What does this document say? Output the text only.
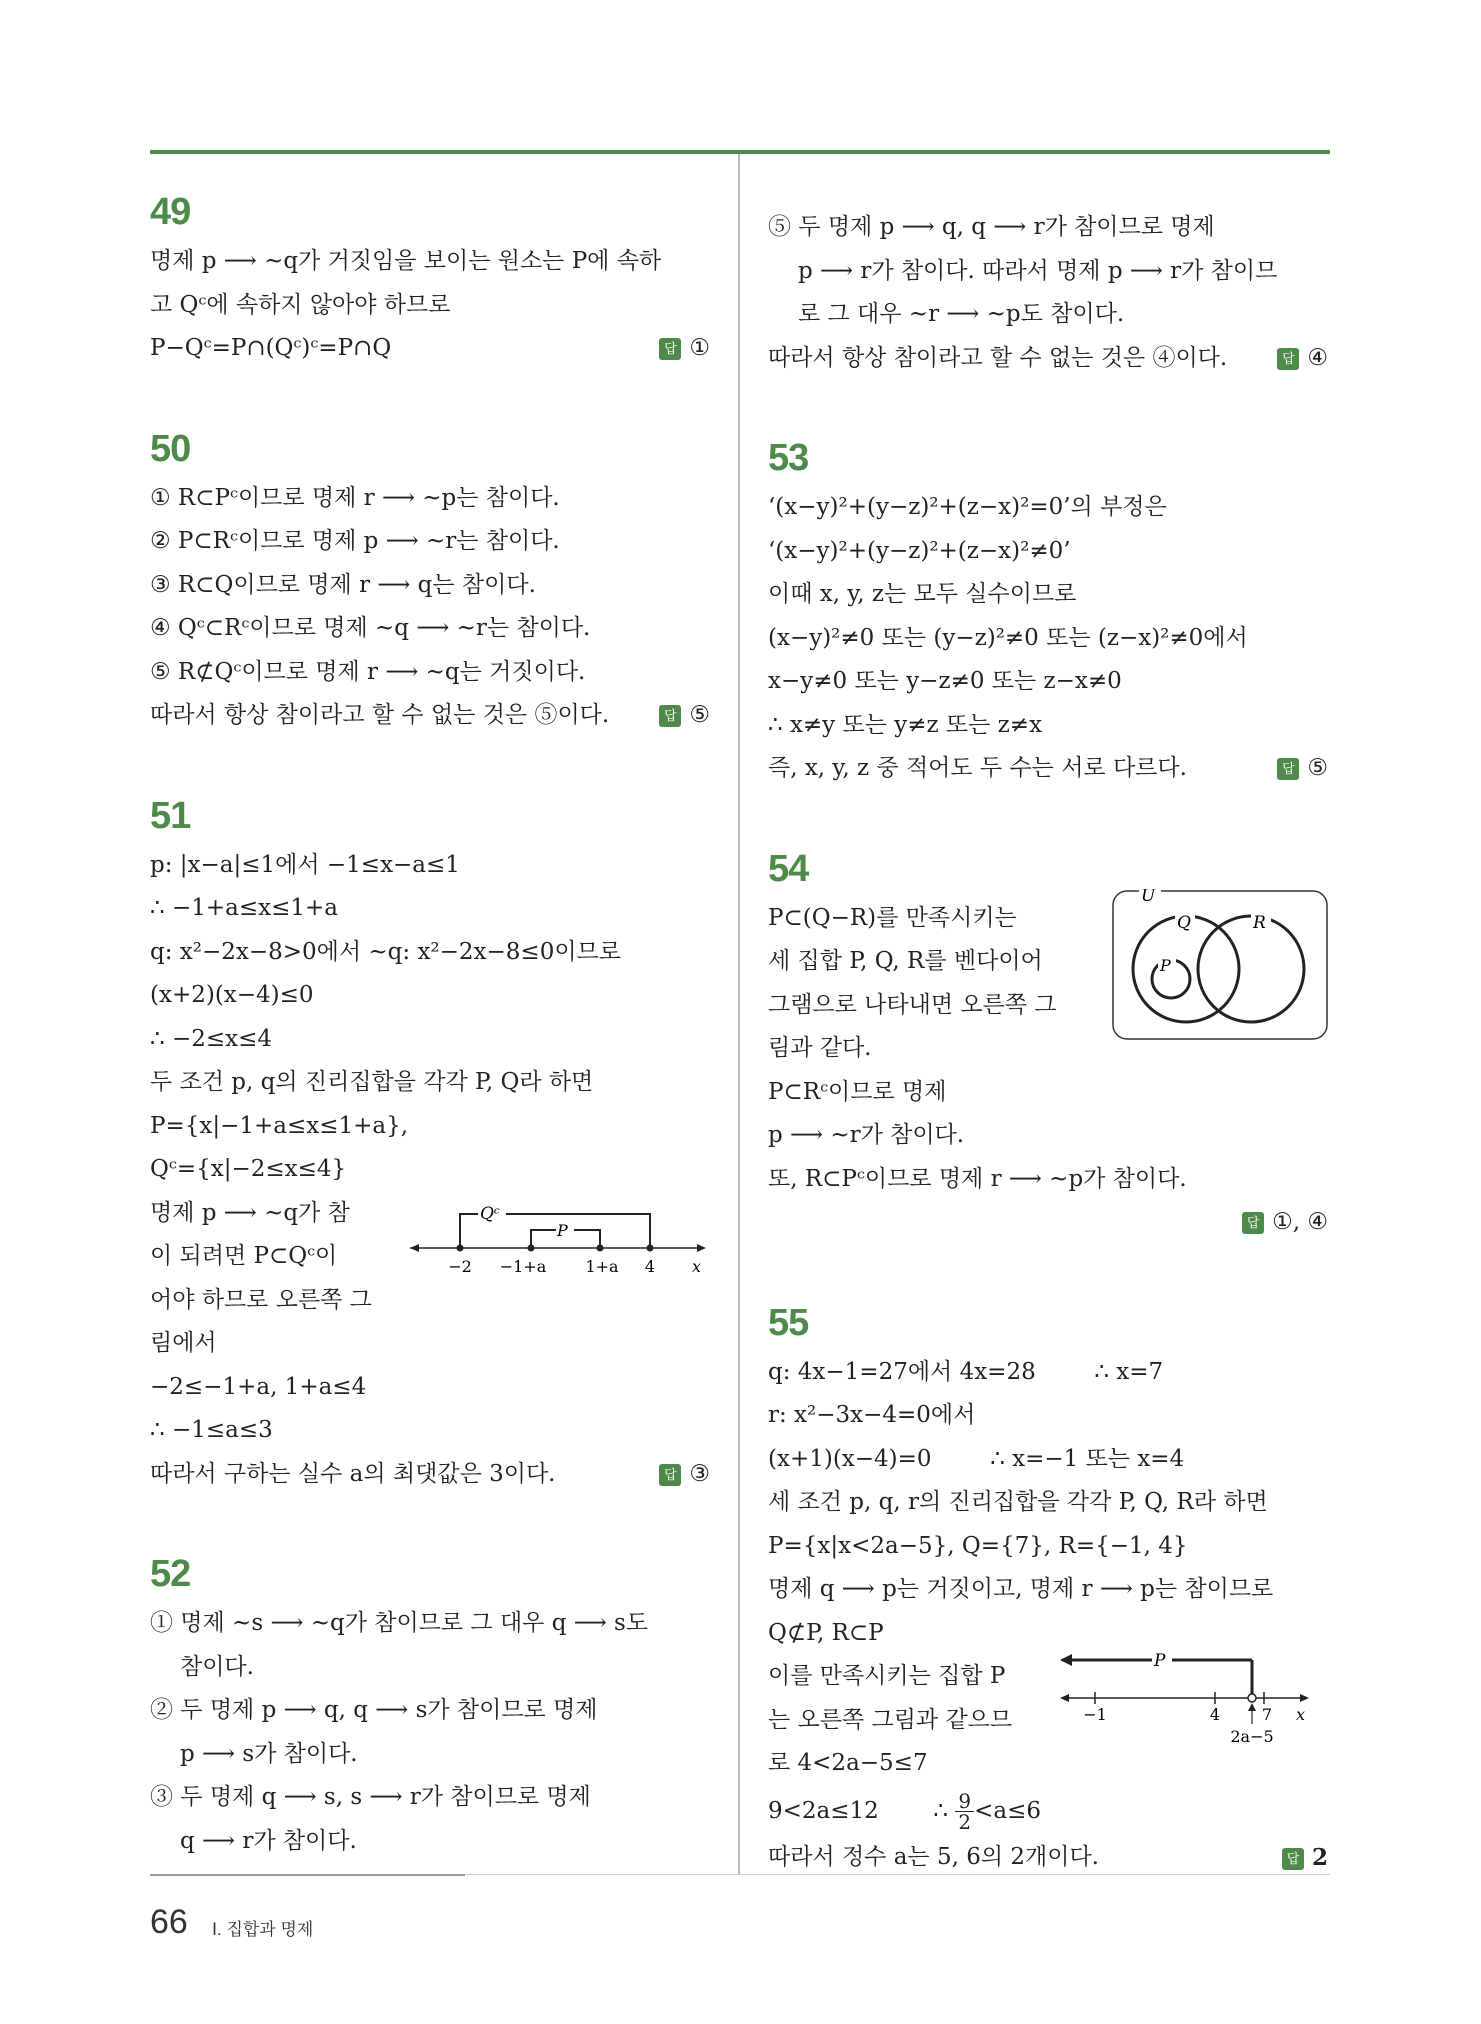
49
명제 p ⟶ ~q가 거짓임을 보이는 원소는 P에 속하
고 Qᶜ에 속하지 않아야 하므로
P−Qᶜ=P∩(Qᶜ)ᶜ=P∩Q	답 ①
50
① R⊂Pᶜ이므로 명제 r ⟶ ~p는 참이다.
② P⊂Rᶜ이므로 명제 p ⟶ ~r는 참이다.
③ R⊂Q이므로 명제 r ⟶ q는 참이다.
④ Qᶜ⊂Rᶜ이므로 명제 ~q ⟶ ~r는 참이다.
⑤ R⊄Qᶜ이므로 명제 r ⟶ ~q는 거짓이다.
따라서 항상 참이라고 할 수 없는 것은 ⑤이다.	답 ⑤
51
p: |x−a|≤1에서 −1≤x−a≤1
∴ −1+a≤x≤1+a
q: x²−2x−8>0에서 ~q: x²−2x−8≤0이므로
(x+2)(x−4)≤0
∴ −2≤x≤4
두 조건 p, q의 진리집합을 각각 P, Q라 하면
P={x|−1+a≤x≤1+a},
Qᶜ={x|−2≤x≤4}
명제 p ⟶ ~q가 참
이 되려면 P⊂Qᶜ이
어야 하므로 오른쪽 그
림에서
−2≤−1+a, 1+a≤4
∴ −1≤a≤3
따라서 구하는 실수 a의 최댓값은 3이다.	답 ③
Qᶜ
P
−2 −1+a 1+a 4 x
52
① 명제 ~s ⟶ ~q가 참이므로 그 대우 q ⟶ s도
참이다.
② 두 명제 p ⟶ q, q ⟶ s가 참이므로 명제
p ⟶ s가 참이다.
③ 두 명제 q ⟶ s, s ⟶ r가 참이므로 명제
q ⟶ r가 참이다.
⑤ 두 명제 p ⟶ q, q ⟶ r가 참이므로 명제
p ⟶ r가 참이다. 따라서 명제 p ⟶ r가 참이므
로 그 대우 ~r ⟶ ~p도 참이다.
따라서 항상 참이라고 할 수 없는 것은 ④이다.	답 ④
53
‘(x−y)²+(y−z)²+(z−x)²=0’의 부정은
‘(x−y)²+(y−z)²+(z−x)²≠0’
이때 x, y, z는 모두 실수이므로
(x−y)²≠0 또는 (y−z)²≠0 또는 (z−x)²≠0에서
x−y≠0 또는 y−z≠0 또는 z−x≠0
∴ x≠y 또는 y≠z 또는 z≠x
즉, x, y, z 중 적어도 두 수는 서로 다르다.	답 ⑤
54
P⊂(Q−R)를 만족시키는
세 집합 P, Q, R를 벤다이어
그램으로 나타내면 오른쪽 그
림과 같다.
P⊂Rᶜ이므로 명제
p ⟶ ~r가 참이다.
또, R⊂Pᶜ이므로 명제 r ⟶ ~p가 참이다.
답 ①, ④
U
Q	R
P
55
q: 4x−1=27에서 4x=28	∴ x=7
r: x²−3x−4=0에서
(x+1)(x−4)=0	∴ x=−1 또는 x=4
세 조건 p, q, r의 진리집합을 각각 P, Q, R라 하면
P={x|x<2a−5}, Q={7}, R={−1, 4}
명제 q ⟶ p는 거짓이고, 명제 r ⟶ p는 참이므로
Q⊄P, R⊂P
이를 만족시키는 집합 P
는 오른쪽 그림과 같으므
로 4<2a−5≤7
9<2a≤12 ∴ $\frac{9}{2} <a\le 6$
따라서 정수 a는 5, 6의 2개이다.	답 2
P
−1	4	7 x
2a−5
66 Ⅰ. 집합과 명제
